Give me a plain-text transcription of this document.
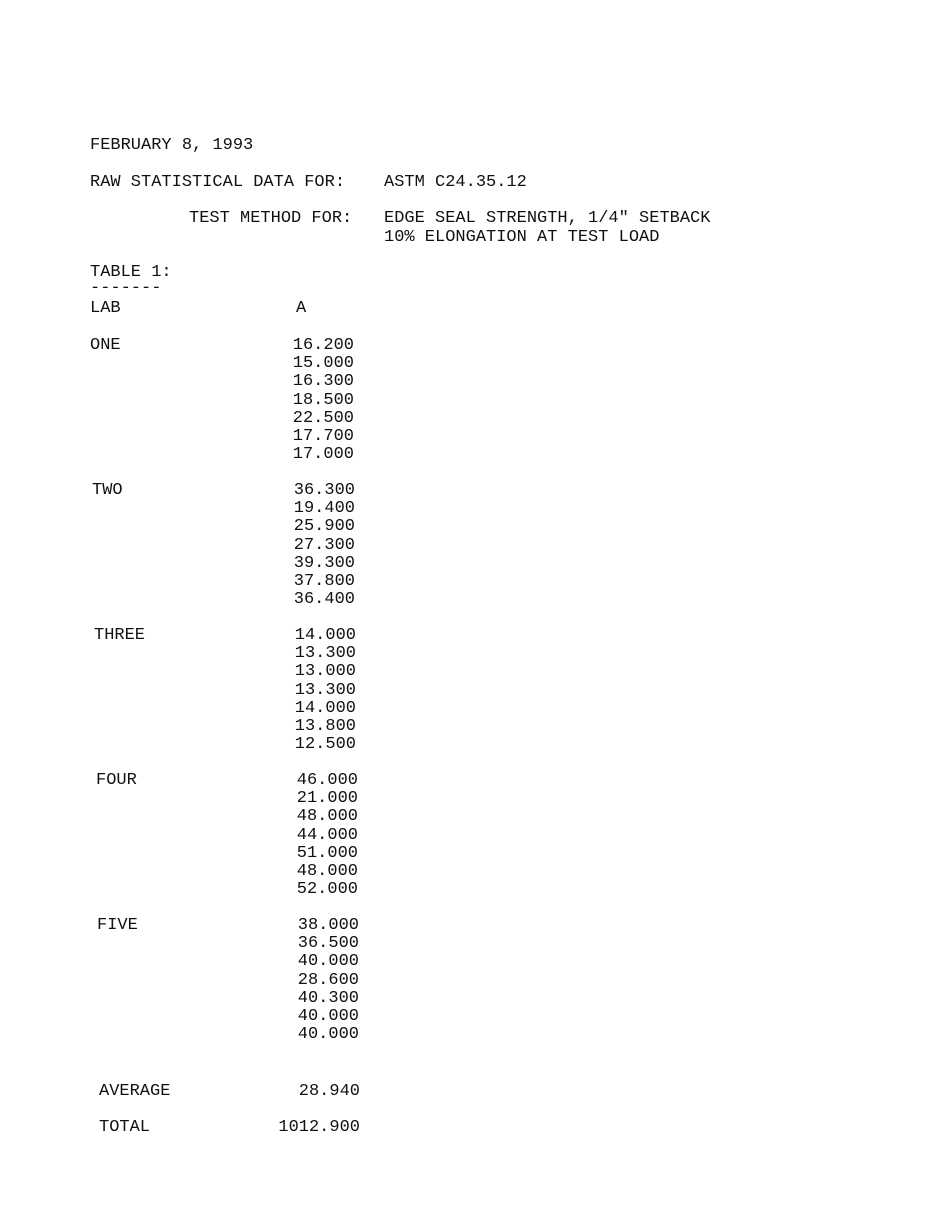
FEBRUARY 8, 1993
RAW STATISTICAL DATA FOR: ASTM C24.35.12
TEST METHOD FOR: EDGE SEAL STRENGTH, 1/4" SETBACK
10% ELONGATION AT TEST LOAD
TABLE 1:
-------
LAB	A
ONE	16.200
15.000
16.300
18.500
22.500
17.700
17.000
TWO	36.300
19.400
25.900
27.300
39.300
37.800
36.400
THREE	14.000
13.300
13.000
13.300
14.000
13.800
12.500
FOUR	46.000
21.000
48.000
44.000
51.000
48.000
52.000
FIVE	38.000
36.500
40.000
28.600
40.300
40.000
40.000
AVERAGE	28.940
TOTAL	1012.900
